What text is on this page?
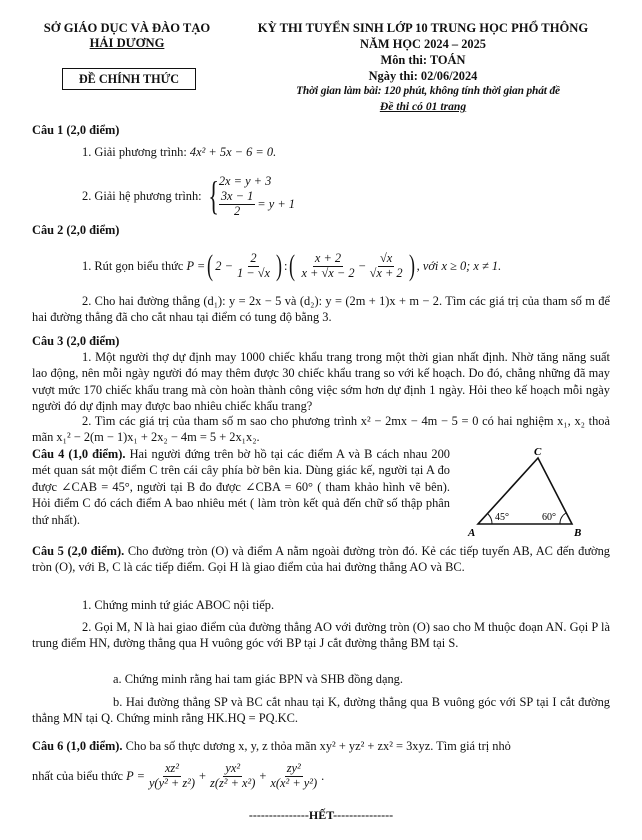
SỞ GIÁO DỤC VÀ ĐÀO TẠO
HẢI DƯƠNG
ĐỀ CHÍNH THỨC
KỲ THI TUYỂN SINH LỚP 10 TRUNG HỌC PHỔ THÔNG
NĂM HỌC 2024 – 2025
Môn thi: TOÁN
Ngày thi: 02/06/2024
Thời gian làm bài: 120 phút, không tính thời gian phát đề
Đề thi có 01 trang
Câu 1 (2,0 điểm)
1. Giải phương trình: 4x² + 5x − 6 = 0.
2. Giải hệ phương trình: { 2x = y + 3
$\frac{3x - 1}{2} = y + 1$
Câu 2 (2,0 điểm)
1. Rút gọn biểu thức
P = ( $2 - \frac{2}{1 - √x}$ ) : ( $\frac{x + 2}{x + √x - 2} - \frac{√x}{√x + 2}$ ) , với x ≥ 0; x ≠ 1.
2. Cho hai đường thẳng (d₁): y = 2x − 5 và (d₂): y = (2m + 1)x + m − 2. Tìm các giá trị của tham số m để hai đường thẳng đã cho cắt nhau tại điểm có tung độ bằng 3.
Câu 3 (2,0 điểm)
1. Một người thợ dự định may 1000 chiếc khẩu trang trong một thời gian nhất định. Nhờ tăng năng suất lao động, nên mỗi ngày người đó may thêm được 30 chiếc khẩu trang so với kế hoạch. Do đó, chẳng những đã may vượt mức 170 chiếc khẩu trang mà còn hoàn thành công việc sớm hơn dự định 1 ngày. Hỏi theo kế hoạch mỗi ngày người đó dự định may được bao nhiêu chiếc khẩu trang?
2. Tìm các giá trị của tham số m sao cho phương trình x² − 2mx − 4m − 5 = 0 có hai nghiệm x₁, x₂ thoả mãn x₁² − 2(m − 1)x₁ + 2x₂ − 4m = 5 + 2x₁x₂.
Câu 4 (1,0 điểm). Hai người đứng trên bờ hồ tại các điểm A và B cách nhau 200 mét quan sát một điểm C trên cái cây phía bờ bên kia. Dùng giác kế, người tại A đo được ∠CAB = 45°, người tại B đo được ∠CBA = 60° ( tham khảo hình vẽ bên). Hỏi điểm C đó cách điểm A bao nhiêu mét ( làm tròn kết quả đến chữ số thập phân thứ nhất).
C
A	B
45°	60°
Câu 5 (2,0 điểm). Cho đường tròn (O) và điểm A nằm ngoài đường tròn đó. Kẻ các tiếp tuyến AB, AC đến đường tròn (O), với B, C là các tiếp điểm. Gọi H là giao điểm của hai đường thẳng AO và BC.
1. Chứng minh tứ giác ABOC nội tiếp.
2. Gọi M, N là hai giao điểm của đường thẳng AO với đường tròn (O) sao cho M thuộc đoạn AN. Gọi P là trung điểm HN, đường thẳng qua H vuông góc với BP tại J cắt đường thẳng BM tại S.
a. Chứng minh rằng hai tam giác BPN và SHB đồng dạng.
b. Hai đường thẳng SP và BC cắt nhau tại K, đường thẳng qua B vuông góc với SP tại I cắt đường thẳng MN tại Q. Chứng minh rằng HK.HQ = PQ.KC.
Câu 6 (1,0 điểm). Cho ba số thực dương x, y, z thỏa mãn xy² + yz² + zx² = 3xyz. Tìm giá trị nhỏ
nhất của biểu thức
$P = \frac{\text{xz²}}{\text{y(y² + z²)}} + \frac{\text{yx²}}{\text{z(z² + x²)}} + \frac{\text{zy²}}{\text{x(x² + y²)}}$ .
---------------HẾT---------------
